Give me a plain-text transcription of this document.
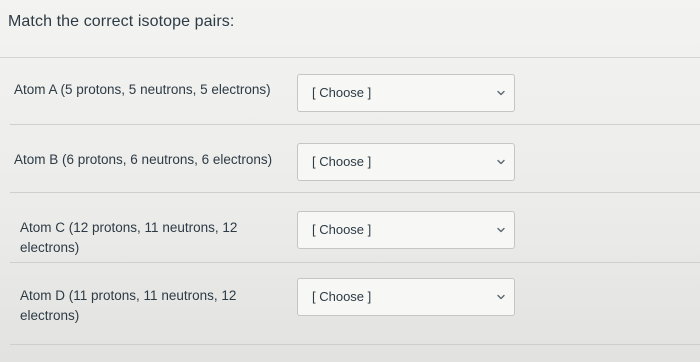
Match the correct isotope pairs:
Atom A (5 protons, 5 neutrons, 5 electrons)	[ Choose ]
Atom B (6 protons, 6 neutrons, 6 electrons)	[ Choose ]
Atom C (12 protons, 11 neutrons, 12 electrons)
[ Choose ]
Atom D (11 protons, 11 neutrons, 12 electrons)
[ Choose ]
